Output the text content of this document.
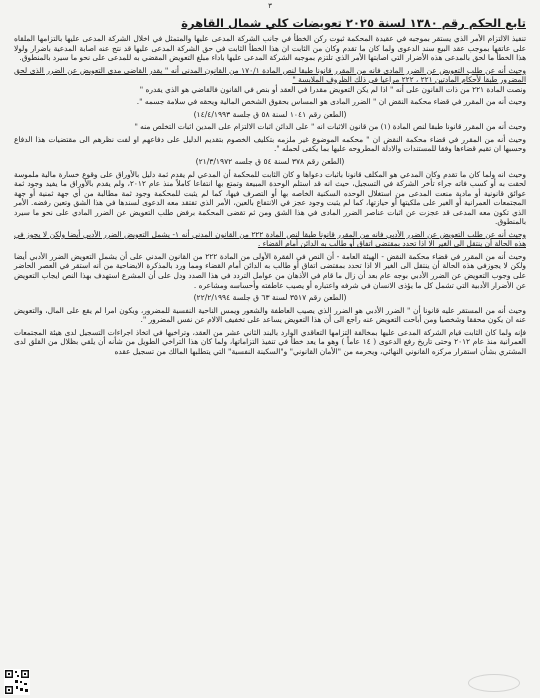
٣
تابع الحكم رقم ١٣٨٠ لسنة ٢٠٢٥ تعويضات كلي شمال القاهرة

تنفيذ الالتزام الأمر الذي يستقر بموجبه في عقيدة المحكمة ثبوت ركن الخطأ في جانب الشركة المدعى عليها والمتمثل في اخلال الشركة المدعى عليها بالتزامها الملقاه على عاتقها بموجب عقد البيع سند الدعوى ولما كان ما تقدم وكان من الثابت ان هذا الخطأ الثابت في حق الشركة المدعى عليها قد نتج عنه اصابة المدعية باضرار ولولا هذا الخطأ ما لحق بالمدعى هذه الأضرار التي اصابتها الأمر الذي تلتزم بموجبه الشركة المدعى عليها باداء مبلغ التعويض المقضي به للمدعى على نحو ما سيرد بالمنطوق.

وحيث أنه عن طلب التعويض عن الضرر المادي فانه من المقرر قانونا طبقا لنص المادة ١٧٠/١ من القانون المدني أنه " يقدر القاضي مدى التعويض عن الضرر الذي لحق المضرور طبقا لأحكام المادتين ٢٢١ ، ٢٢٢ مراعيا في ذلك الظروف الملابسة "

ونصت المادة ٢٢١ من ذات القانون على أنه " اذا لم يكن التعويض مقدرا في العقد أو بنص في القانون فالقاضي هو الذي يقدره "

وحيث أنه من المقرر في قضاء محكمة النقض ان " الضرر المادى هو المساس بحقوق الشخص المالية ويحقه في سلامة جسمه ".

(الطعن رقم ١٠٤١ لسنة ٥٨ ق جلسة ١٤/٤/١٩٩٣)

وحيث أنه من المقرر قانونا طبقا لنص المادة (١) من قانون الاثبات انه " على الدائن اثبات الالتزام على المدين اثبات التخلص منه "

وحيث أنه من المقرر في قضاء محكمة النقض ان " محكمه الموضوع غير ملزمه بتكليف الخصوم بتقديم الدليل على دفاعهم او لفت نظرهم الى مقتضيات هذا الدفاع وحسبها ان تقيم قضاءها وفقا للمستندات والادلة المطروحه عليها بما يكفى لحمله ".

(الطعن رقم ٣٧٨ لسنة ٥٤ ق جلسه ٢١/٣/١٩٧٢)

وحيث انه ولما كان ما تقدم وكان المدعي هو المكلف قانونا باثبات دعواها و كان الثابت للمحكمة أن المدعي لم يقدم ثمة دليل بالأوراق على وقوع خسارة مالية ملموسة لحقت به أو كسب فاته جراء تأخر الشركة في التسجيل، حيث انه قد استلم الوحدة المبيعة وتمتع بها انتفاعا كاملاً منذ عام ٢٠١٢، ولم يقدم بالأوراق ما يفيد وجود ثمة عوائق قانونية أو مادية منعت المدعى من استغلال الوحده السكنية الخاصه بها أو التصرف فيها، كما لم يثبت للمحكمة وجود ثمة مطالبة من أي جهة ثمنية أو جهة المجتمعات العمرانية أو الغير على ملكيتها أو حيازتها، كما لم يثبت وجود عجز في الانتفاع بالعين، الأمر الذي تفتقد معه الدعوى لسندها في هذا الشق وتعين رفضه. الأمر الذي تكون معه المدعى قد عجزت عن اثبات عناصر الضرر المادى في هذا الشق ومن ثم تقضى المحكمة برفض طلب التعويض عن الضرر المادي على نحو ما سيرد بالمنطوق.

وحيث أنه عن طلب التعويض عن الضرر الأدبي فانه من المقرر قانونا طبقا لنص المادة ٢٢٢ من القانون المدني أنه ١- يشمل التعويض الضرر الأدبي أيضا ولكن لا يجوز في هذه الحالة أن ينتقل الى الغير الا اذا تحدد بمقتضى اتفاق أو طالب به الدائن أمام القضاء .

وحيث أنه من المقرر في قضاء محكمة النقض - الهيئة العامة - أن النص في الفقرة الأولى من المادة ٢٢٢ من القانون المدني على أن يشمل التعويض الضرر الأدبي أيضا ولكن لا يجوزفي هذه الحالة أن ينتقل الى الغير الا اذا تحدد بمقتضى اتفاق أو طالب به الدائن أمام القضاء ومما ورد بالمذكرة الايضاحية من أنه استقر في العصر الحاضر على وجوب التعويض عن الضرر الأدبي بوجه عام بعد أن زال ما قام في الأذهان من عوامل التردد في هذا الصدد ودل على أن المشرع استهدف بهذا النص ايجاب التعويض عن الأضرار الأدبية التي تشمل كل ما يؤذى الانسان في شرفه واعتباره أو يصيب عاطفته وأحساسه ومشاعره .

(الطعن رقم ٣٥١٧ لسنة ٦٣ ق جلسة ٢٢/٢/١٩٩٤)

وحيث أنه من المستقر عليه قانونا أن " الضرر الأدبي هو الضرر الذي يصيب العاطفة والشعور ويمس الناحية النفسية للمضرور، ويكون امرا لم يقع على المال، والتعويض عنه ان يكون محققا وشخصيا ومن أباحت التعويض عنه راجع الى أن هذا التعويض يساعد على تخفيف الالام عن نفس المضرور ".

فإنه ولما كان الثابت قيام الشركة المدعى عليها بمخالفة التزامها التعاقدي الوارد بالبند الثاني عشر من العقد، وتراخيها في اتخاذ اجراءات التسجيل لدى هيئة المجتمعات العمرانية منذ عام ٢٠١٢ وحتى تاريخ رفع الدعوى ( ١٤ عاماً ) وهو ما يعد خطأ في تنفيذ التزاماتها، ولما كان هذا التراخي الطويل من شأنه أن يلقي بظلال من القلق لدى المشتري بشأن استقرار مركزه القانوني النهائي، ويحرمه من "الأمان القانوني" و"السكينة النفسية" التي يتطلبها المالك من تسجيل عقده
